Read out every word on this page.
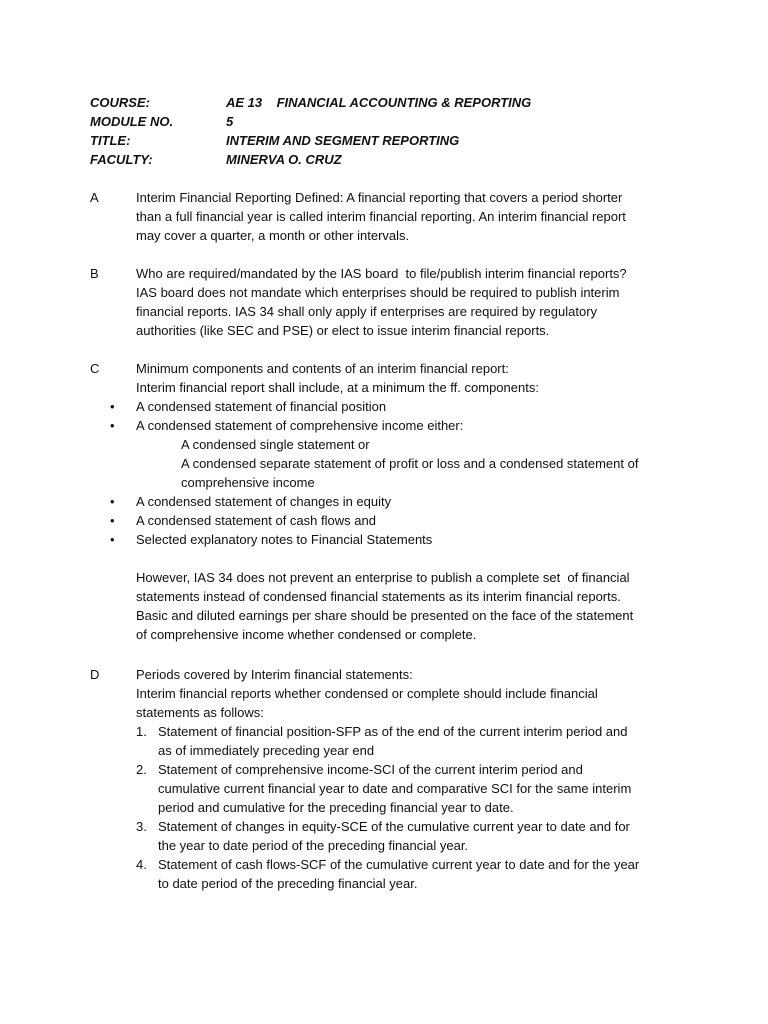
COURSE:	AE 13    FINANCIAL ACCOUNTING & REPORTING
MODULE NO.	5
TITLE:	INTERIM AND SEGMENT REPORTING
FACULTY:	MINERVA O. CRUZ
A	Interim Financial Reporting Defined: A financial reporting that covers a period shorter
than a full financial year is called interim financial reporting. An interim financial report
may cover a quarter, a month or other intervals.
B	Who are required/mandated by the IAS board  to file/publish interim financial reports?
IAS board does not mandate which enterprises should be required to publish interim
financial reports. IAS 34 shall only apply if enterprises are required by regulatory
authorities (like SEC and PSE) or elect to issue interim financial reports.
C	Minimum components and contents of an interim financial report:
Interim financial report shall include, at a minimum the ff. components:
• A condensed statement of financial position
• A condensed statement of comprehensive income either:
A condensed single statement or
A condensed separate statement of profit or loss and a condensed statement of
comprehensive income
• A condensed statement of changes in equity
• A condensed statement of cash flows and
• Selected explanatory notes to Financial Statements
However, IAS 34 does not prevent an enterprise to publish a complete set  of financial
statements instead of condensed financial statements as its interim financial reports.
Basic and diluted earnings per share should be presented on the face of the statement
of comprehensive income whether condensed or complete.
D	Periods covered by Interim financial statements:
Interim financial reports whether condensed or complete should include financial
statements as follows:
1. Statement of financial position-SFP as of the end of the current interim period and
as of immediately preceding year end
2. Statement of comprehensive income-SCI of the current interim period and
cumulative current financial year to date and comparative SCI for the same interim
period and cumulative for the preceding financial year to date.
3. Statement of changes in equity-SCE of the cumulative current year to date and for
the year to date period of the preceding financial year.
4. Statement of cash flows-SCF of the cumulative current year to date and for the year
to date period of the preceding financial year.
